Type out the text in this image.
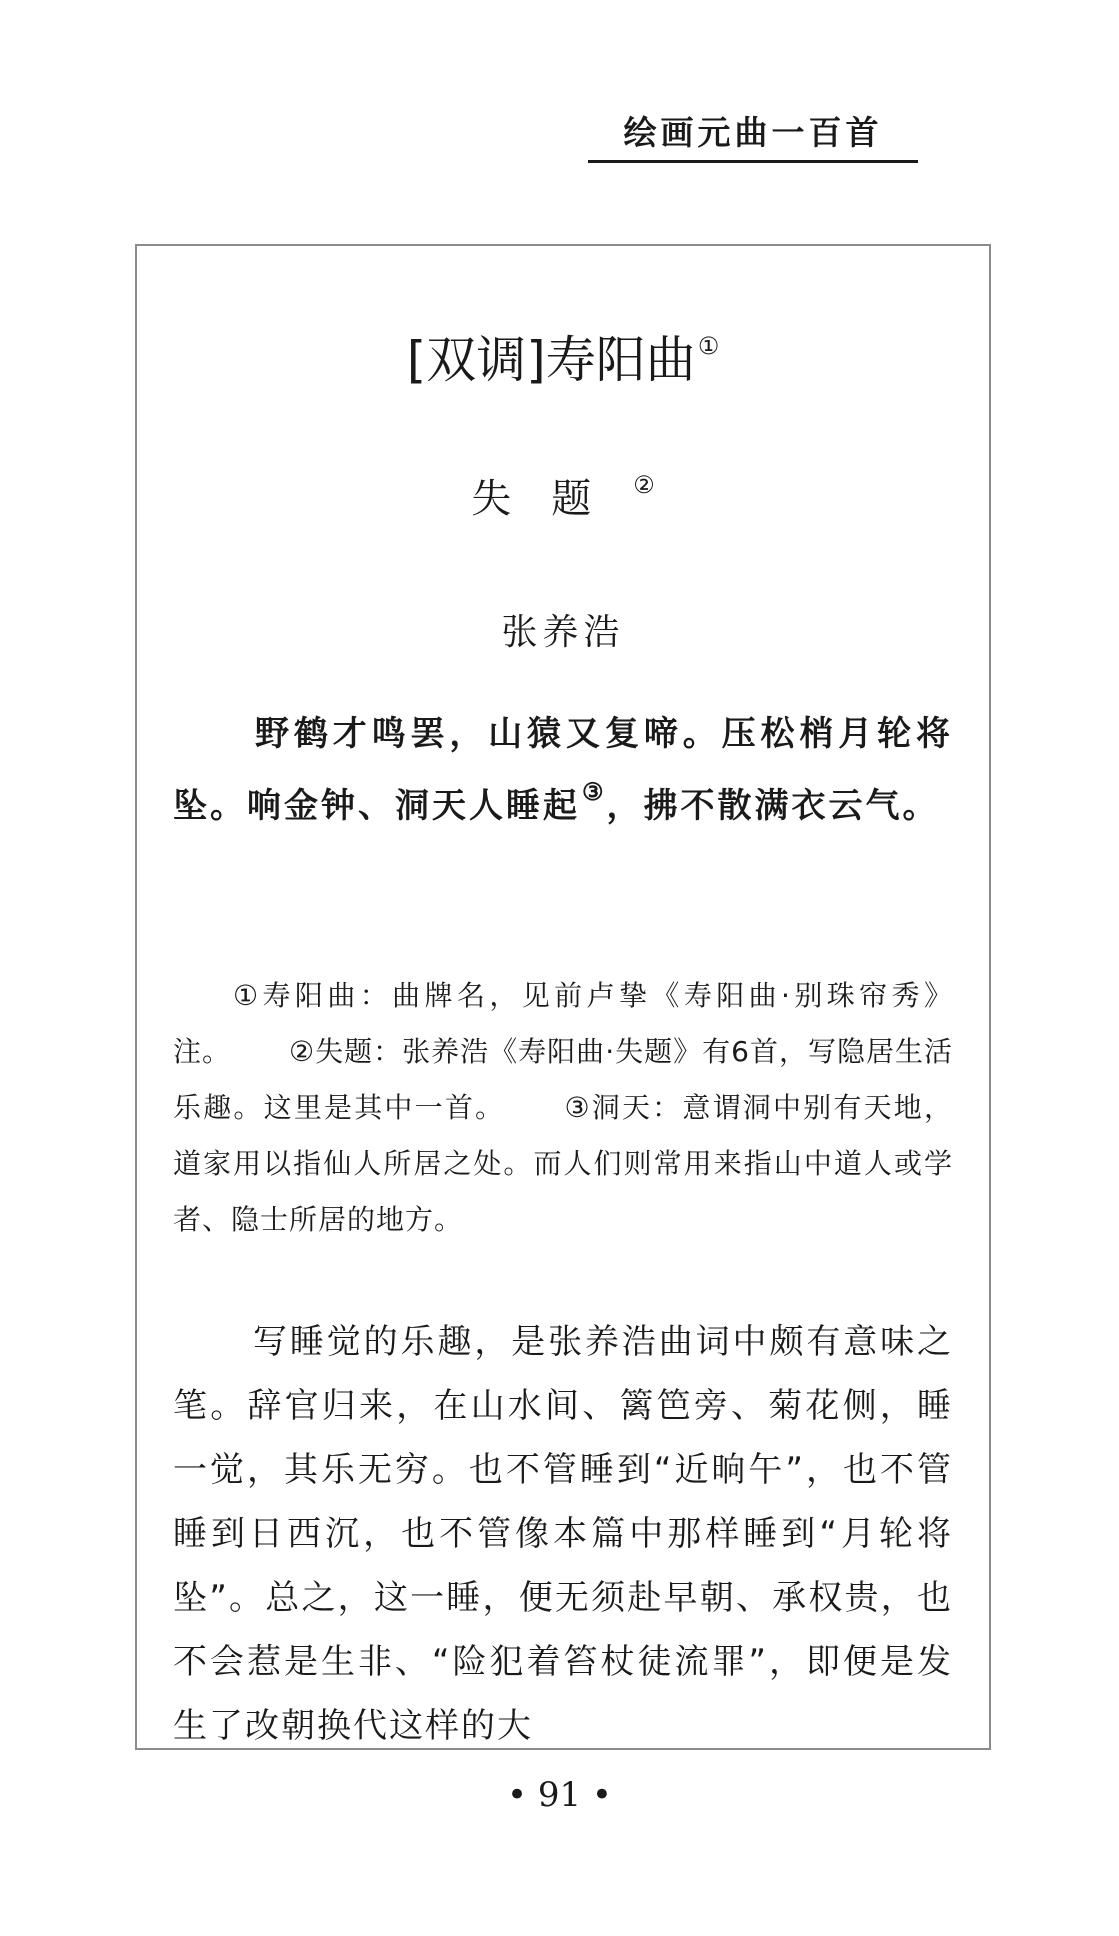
绘画元曲一百首
[双调]寿阳曲①
失题②
张养浩
野鹤才鸣罢，山猿又复啼。压松梢月轮将坠。响金钟、洞天人睡起③，拂不散满衣云气。
①寿阳曲：曲牌名，见前卢挚《寿阳曲·别珠帘秀》注。   ②失题：张养浩《寿阳曲·失题》有6首，写隐居生活乐趣。这里是其中一首。   ③洞天：意谓洞中别有天地，道家用以指仙人所居之处。而人们则常用来指山中道人或学者、隐士所居的地方。
写睡觉的乐趣，是张养浩曲词中颇有意味之笔。辞官归来，在山水间、篱笆旁、菊花侧，睡一觉，其乐无穷。也不管睡到“近晌午”，也不管睡到日西沉，也不管像本篇中那样睡到“月轮将坠”。总之，这一睡，便无须赴早朝、承权贵，也不会惹是生非、“险犯着笞杖徒流罪”，即便是发生了改朝换代这样的大
• 91 •
